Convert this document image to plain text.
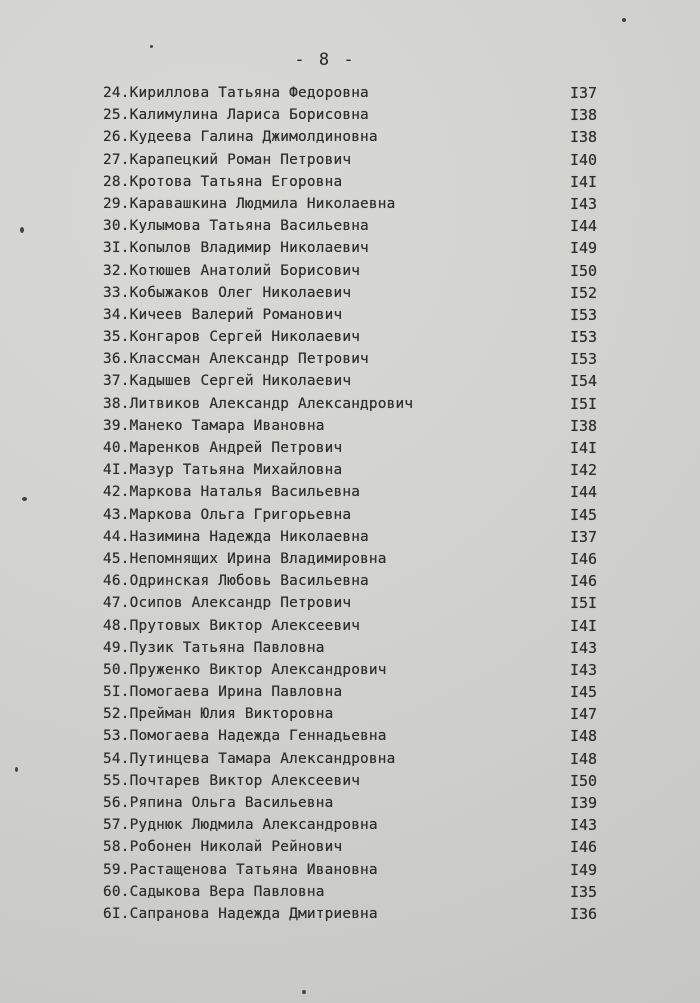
- 8 -
24.Кириллова Татьяна Федоровна	I37
25.Калимулина Лариса Борисовна	I38
26.Кудеева Галина Джимолдиновна	I38
27.Карапецкий Роман Петрович	I40
28.Кротова Татьяна Егоровна	I4I
29.Каравашкина Людмила Николаевна	I43
30.Кулымова Татьяна Васильевна	I44
3I.Копылов Владимир Николаевич	I49
32.Котюшев Анатолий Борисович	I50
33.Кобыжаков Олег Николаевич	I52
34.Кичеев Валерий Романович	I53
35.Конгаров Сергей Николаевич	I53
36.Классман Александр Петрович	I53
37.Кадышев Сергей Николаевич	I54
38.Литвиков Александр Александрович	I5I
39.Манеко Тамара Ивановна	I38
40.Маренков Андрей Петрович	I4I
4I.Мазур Татьяна Михайловна	I42
42.Маркова Наталья Васильевна	I44
43.Маркова Ольга Григорьевна	I45
44.Назимина Надежда Николаевна	I37
45.Непомнящих Ирина Владимировна	I46
46.Одринская Любовь Васильевна	I46
47.Осипов Александр Петрович	I5I
48.Прутовых Виктор Алексеевич	I4I
49.Пузик Татьяна Павловна	I43
50.Пруженко Виктор Александрович	I43
5I.Помогаева Ирина Павловна	I45
52.Прейман Юлия Викторовна	I47
53.Помогаева Надежда Геннадьевна	I48
54.Путинцева Тамара Александровна	I48
55.Почтарев Виктор Алексеевич	I50
56.Ряпина Ольга Васильевна	I39
57.Руднюк Людмила Александровна	I43
58.Робонен Николай Рейнович	I46
59.Растащенова Татьяна Ивановна	I49
60.Садыкова Вера Павловна	I35
6I.Сапранова Надежда Дмитриевна	I36
